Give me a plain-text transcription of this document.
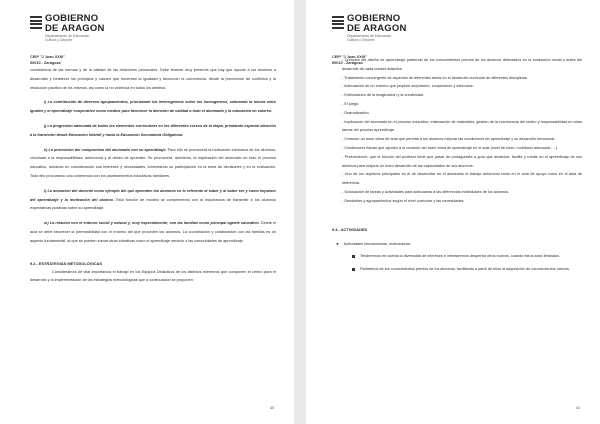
GOBIERNO
DE ARAGON
Departamento de Educación
Cultura y Deporte
CEIP "J Juan XXIII"
50010 - Zaragoza

consistencia de las normas y de la calidad de las relaciones personales. Debe tenerse muy presente que hay que ayudar a los alumnos a desarrollar y fortalecer los principios y valores que fomentan la igualdad y favorecen la convivencia, desde la prevención de conflictos y la resolución pacífica de los mismos, así como la no violencia en todos los ámbitos.

i) La contribución de diversos agrupamientos, priorizando los heterogéneos sobre los homogéneos, valorando la tutoría entre iguales y el aprendizaje cooperativo como medios para favorecer la atención de calidad a todo el alumnado y la educación en valores.

j) La progresión adecuada de todos los elementos curriculares en los diferentes cursos de la etapa, prestando especial atención a la transición desde Educación Infantil y hacia la Educación Secundaria Obligatoria.

k) La promoción del compromiso del alumnado con su aprendizaje. Para ello se promoverá la motivación intrínseca de los alumnos, vinculada a la responsabilidad, autonomía y al deseo de aprender. Se promoverá, asimismo, la implicación del alumnado en todo el proceso educativo, tomando en consideración sus intereses y necesidades, fomentando su participación en la toma de decisiones y en la evaluación. Todo ello procurando una coherencia con los planteamientos educativos familiares.

l) La actuación del docente como ejemplo del que aprenden los alumnos en lo referente al saber y al saber ser y como impulsor del aprendizaje y la motivación del alumno. Esta función de modelo se complementa con la importancia de transmitir a los alumnos expectativas positivas sobre su aprendizaje.

m) La relación con el entorno social y natural y, muy especialmente, con las familias como principal agente educativo. Desde el aula se debe favorecer la permeabilidad con el entorno del que proceden los alumnos. La coordinación y colaboración con las familias es un aspecto fundamental, al que se pueden sumar otras iniciativas como el aprendizaje servicio o las comunidades de aprendizaje.

9.2.- ESTRATEGIAS METODOLÓGICAS

Consideramos de vital importancia el trabajo en los Equipos Didácticos de los distintos miembros que componen el centro para el desarrollo y la implementación de las estrategias metodológicas que a continuación se proponen:

40
GOBIERNO
DE ARAGON
Departamento de Educación
Cultura y Deporte
CEIP "J Juan XXIII"
50010 - Zaragoza

- Creación del diseño de aprendizaje partiendo de los conocimientos previos de los alumnos detectados en la evaluación inicial y antes del desarrollo de cada unidad didáctica.

- Tratamiento convergente de aspectos de diferentes áreas en el desarrollo curricular de diferentes disciplinas.

- Adecuación de un entorno que propicie aceptación, cooperación y estímulos.

- Estimulación de la imaginación y la creatividad.

- El juego.

- Dramatización.

- Implicación del alumnado en el proceso educativo: elaboración de materiales, gestión de la convivencia del centro y responsabilidad en otras tareas del proceso aprendizaje.

- Creación un buen clima de aula que permita a los alumnos mejorar las condiciones de aprendizaje y su desarrollo emocional.

- Condiciones físicas que ayuden a la creación del buen clima de aprendizaje en el aula (nivel de ruido, mobiliario adecuado, ...)

- Preéminence: que la función del profesor tiene que pasar de protagonista a guía que dinamice, facilite y medie en el aprendizaje de sus alumnos para mejorar un buen desarrollo de las capacidades de sus alumnos.

- Uno de los objetivos principales es el de desarrollar en el alumnado el trabajo autónomo tanto en el aula de apoyo como en el aula de referencia.

- Graduación de tareas y actividades para adecuarlas a las diferencias individuales de los alumnos.

- Desdobles y agrupamientos según el nivel curricular y las necesidades.

9.3.- ACTIVIDADES
► Actividades introductorias, motivadoras:

Tenderemos en cuenta la diversidad de intereses e intentaremos despertar otros nuevos, cuando éstos sean limitados.

Partiremos de los conocimientos previos de los alumnos, facilitando a partir de ellos la adquisición de conocimientos nuevos.

41
